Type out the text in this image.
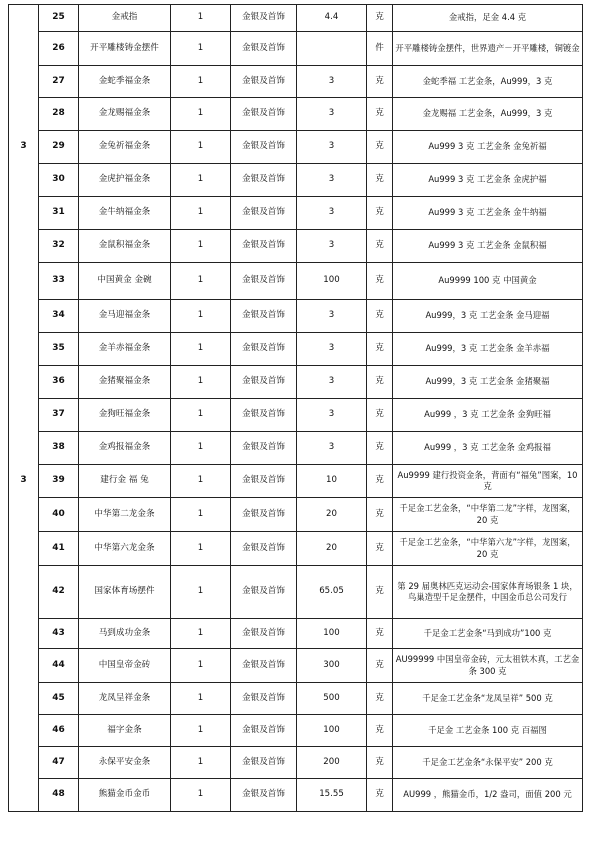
	25	金戒指	1	金银及首饰	4.4	克	金戒指，足金 4.4 克
	26	开平雕楼铸金摆件	1	金银及首饰		件	开平雕楼铸金摆件，世界遗产－开平雕楼，铜镀金
	27	金蛇季福金条	1	金银及首饰	3	克	金蛇季福 工艺金条，Au999，3 克
	28	金龙赐福金条	1	金银及首饰	3	克	金龙赐福 工艺金条，Au999，3 克
3	29	金兔祈福金条	1	金银及首饰	3	克	Au999 3 克 工艺金条 金兔祈福
	30	金虎护福金条	1	金银及首饰	3	克	Au999 3 克 工艺金条 金虎护福
	31	金牛纳福金条	1	金银及首饰	3	克	Au999 3 克 工艺金条 金牛纳福
	32	金鼠积福金条	1	金银及首饰	3	克	Au999 3 克 工艺金条 金鼠积福
	33	中国黄金 金碗	1	金银及首饰	100	克	Au9999 100 克 中国黄金
	34	金马迎福金条	1	金银及首饰	3	克	Au999，3 克 工艺金条 金马迎福
	35	金羊赤福金条	1	金银及首饰	3	克	Au999，3 克 工艺金条 金羊赤福
	36	金猪聚福金条	1	金银及首饰	3	克	Au999，3 克 工艺金条 金猪聚福
	37	金狗旺福金条	1	金银及首饰	3	克	Au999 ，3 克 工艺金条 金狗旺福
	38	金鸡报福金条	1	金银及首饰	3	克	Au999 ，3 克 工艺金条 金鸡报福
3	39	建行金 福 兔	1	金银及首饰	10	克	Au9999 建行投资金条，背面有“福兔”图案，10 克
	40	中华第二龙金条	1	金银及首饰	20	克	千足金工艺金条，“中华第二龙”字样，龙图案，20 克
	41	中华第六龙金条	1	金银及首饰	20	克	千足金工艺金条，“中华第六龙”字样，龙图案，20 克
	42	国家体育场摆件	1	金银及首饰	65.05	克	第 29 届奥林匹克运动会-国家体育场银条 1 块，鸟巢造型千足金摆件，中国金币总公司发行
	43	马到成功金条	1	金银及首饰	100	克	千足金工艺金条“马到成功”100 克
	44	中国皇帝金砖	1	金银及首饰	300	克	AU99999 中国皇帝金砖，元太祖铁木真，工艺金条 300 克
	45	龙凤呈祥金条	1	金银及首饰	500	克	千足金工艺金条“龙凤呈祥” 500 克
	46	福字金条	1	金银及首饰	100	克	千足金 工艺金条 100 克 百福图
	47	永保平安金条	1	金银及首饰	200	克	千足金工艺金条“永保平安” 200 克
	48	熊猫金币金币	1	金银及首饰	15.55	克	AU999 ，熊猫金币，1/2 盎司，面值 200 元
